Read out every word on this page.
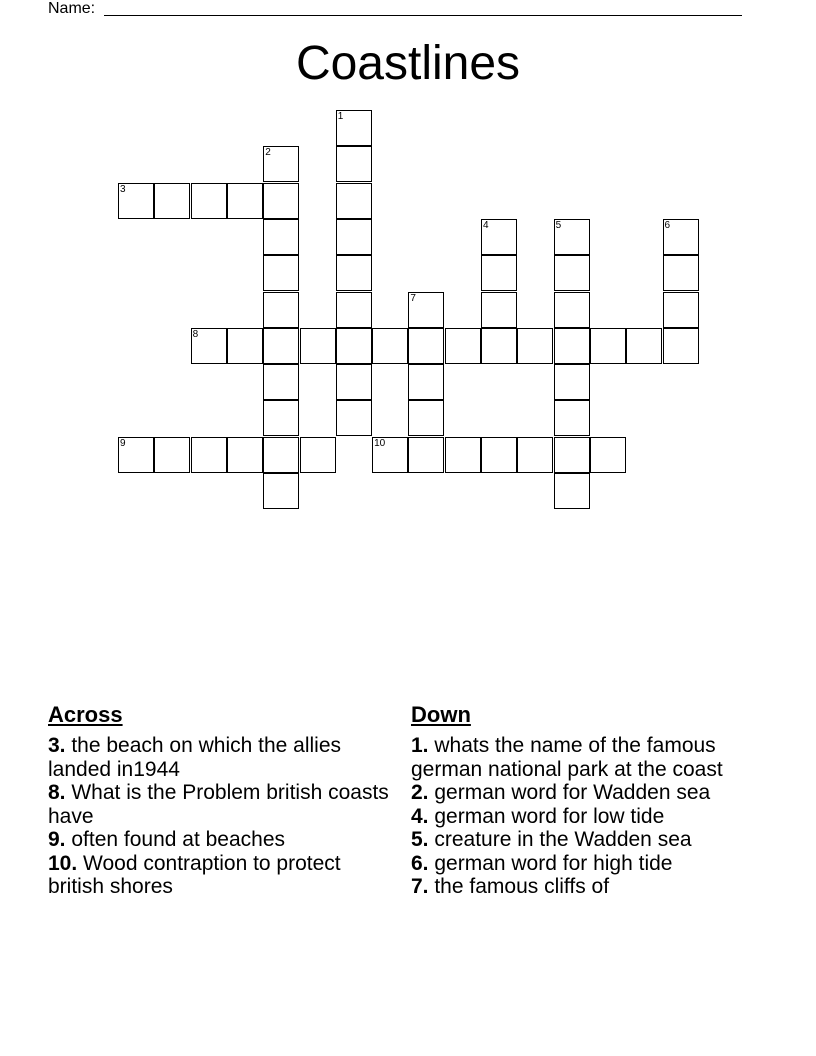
Name:
Coastlines
1
2
3
4	5	6
7
8
9	10
Across

3. the beach on which the allies landed in1944

8. What is the Problem british coasts have

9. often found at beaches

10. Wood contraption to protect british shores

Down

1. whats the name of the famous german national park at the coast

2. german word for Wadden sea

4. german word for low tide

5. creature in the Wadden sea

6. german word for high tide

7. the famous cliffs of
